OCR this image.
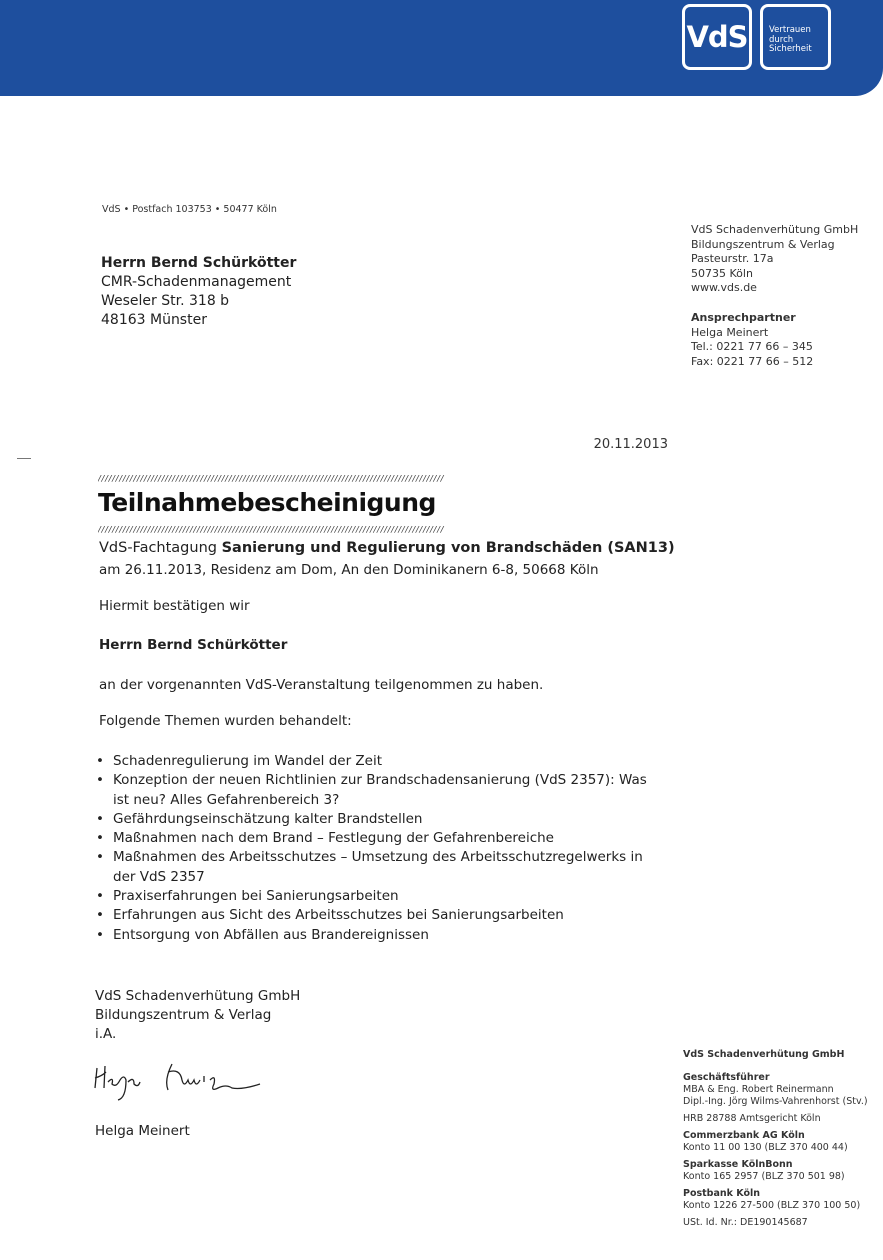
VdS	Vertrauen
durch
Sicherheit
VdS • Postfach 103753 • 50477 Köln
Herrn Bernd Schürkötter
CMR-Schadenmanagement
Weseler Str. 318 b
48163 Münster
VdS Schadenverhütung GmbH
Bildungszentrum & Verlag
Pasteurstr. 17a
50735 Köln
www.vds.de
Ansprechpartner
Helga Meinert
Tel.: 0221 77 66 – 345
Fax: 0221 77 66 – 512
20.11.2013
//////////////////////////////////////////////////////////////////////////////////////////////////
Teilnahmebescheinigung
//////////////////////////////////////////////////////////////////////////////////////////////////
VdS-Fachtagung Sanierung und Regulierung von Brandschäden (SAN13)
am 26.11.2013, Residenz am Dom, An den Dominikanern 6-8, 50668 Köln
Hiermit bestätigen wir
Herrn Bernd Schürkötter
an der vorgenannten VdS-Veranstaltung teilgenommen zu haben.
Folgende Themen wurden behandelt:
• Schadenregulierung im Wandel der Zeit
• Konzeption der neuen Richtlinien zur Brandschadensanierung (VdS 2357): Was ist neu? Alles Gefahrenbereich 3?
• Gefährdungseinschätzung kalter Brandstellen
• Maßnahmen nach dem Brand – Festlegung der Gefahrenbereiche
• Maßnahmen des Arbeitsschutzes – Umsetzung des Arbeitsschutzregelwerks in der VdS 2357
• Praxiserfahrungen bei Sanierungsarbeiten
• Erfahrungen aus Sicht des Arbeitsschutzes bei Sanierungsarbeiten
• Entsorgung von Abfällen aus Brandereignissen
VdS Schadenverhütung GmbH
Bildungszentrum & Verlag
i.A.
Helga Meinert
VdS Schadenverhütung GmbH
Geschäftsführer
MBA & Eng. Robert Reinermann
Dipl.-Ing. Jörg Wilms-Vahrenhorst (Stv.)
HRB 28788 Amtsgericht Köln
Commerzbank AG Köln
Konto 11 00 130 (BLZ 370 400 44)
Sparkasse KölnBonn
Konto 165 2957 (BLZ 370 501 98)
Postbank Köln
Konto 1226 27-500 (BLZ 370 100 50)
USt. Id. Nr.: DE190145687
